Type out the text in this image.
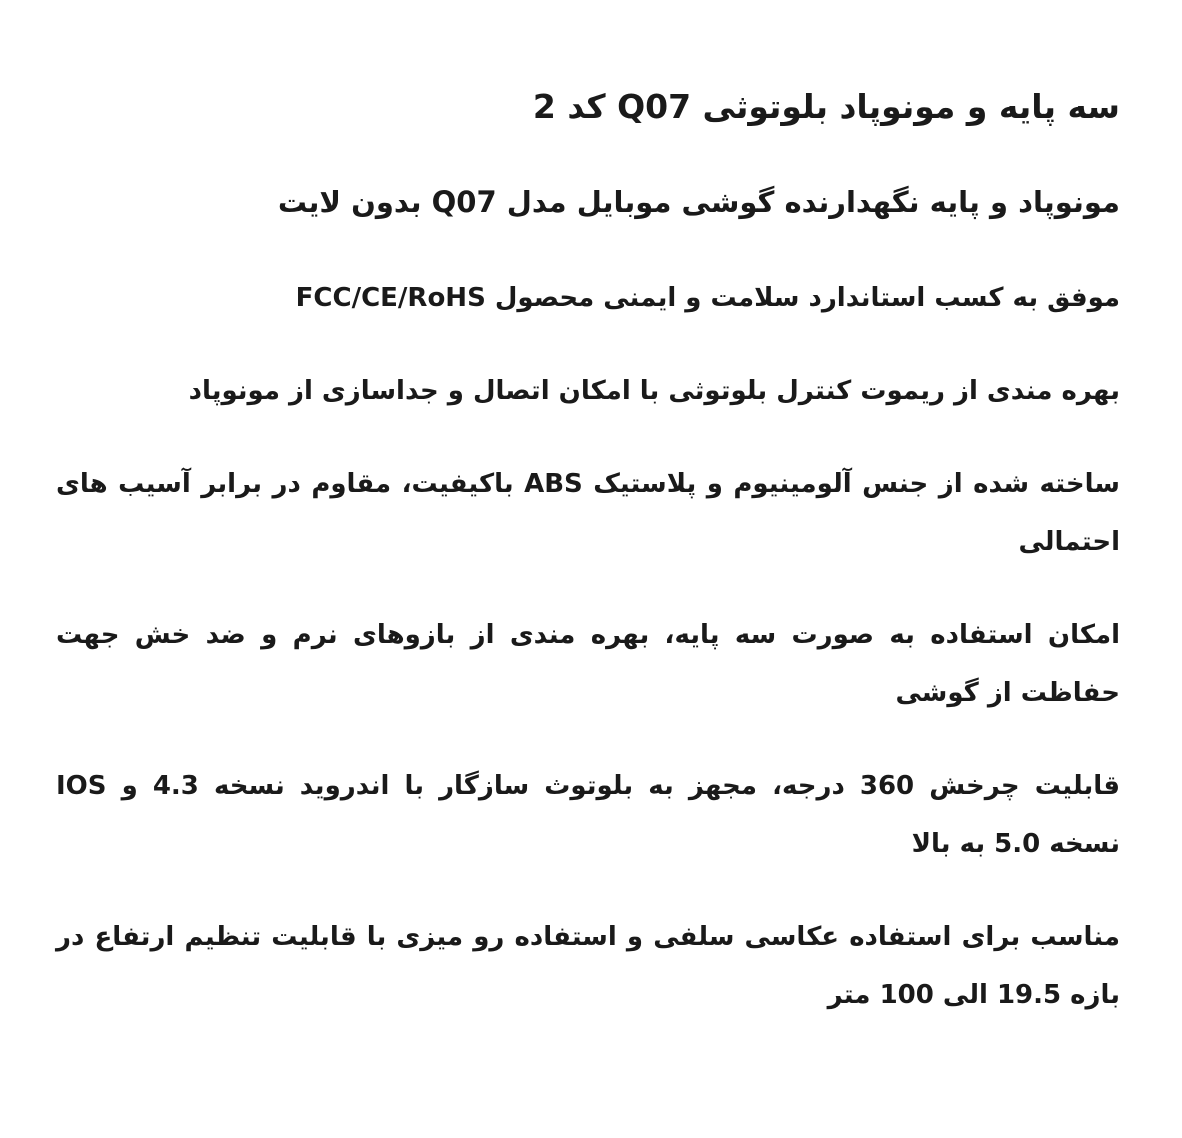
سه پایه و مونوپاد بلوتوثی Q07 کد 2
مونوپاد و پایه نگهدارنده گوشی موبایل مدل Q07 بدون لایت
موفق به کسب استاندارد سلامت و ایمنی محصول FCC/CE/RoHS
بهره مندی از ریموت کنترل بلوتوثی با امکان اتصال و جداسازی از مونوپاد
ساخته شده از جنس آلومینیوم و پلاستیک ABS باکیفیت، مقاوم در برابر آسیب های احتمالی
امکان استفاده به صورت سه پایه، بهره مندی از بازوهای نرم و ضد خش جهت حفاظت از گوشی
قابلیت چرخش 360 درجه، مجهز به بلوتوث سازگار با اندروید نسخه 4.3 و IOS نسخه 5.0 به بالا
مناسب برای استفاده عکاسی سلفی و استفاده رو میزی با قابلیت تنظیم ارتفاع در بازه 19.5 الی 100 متر
